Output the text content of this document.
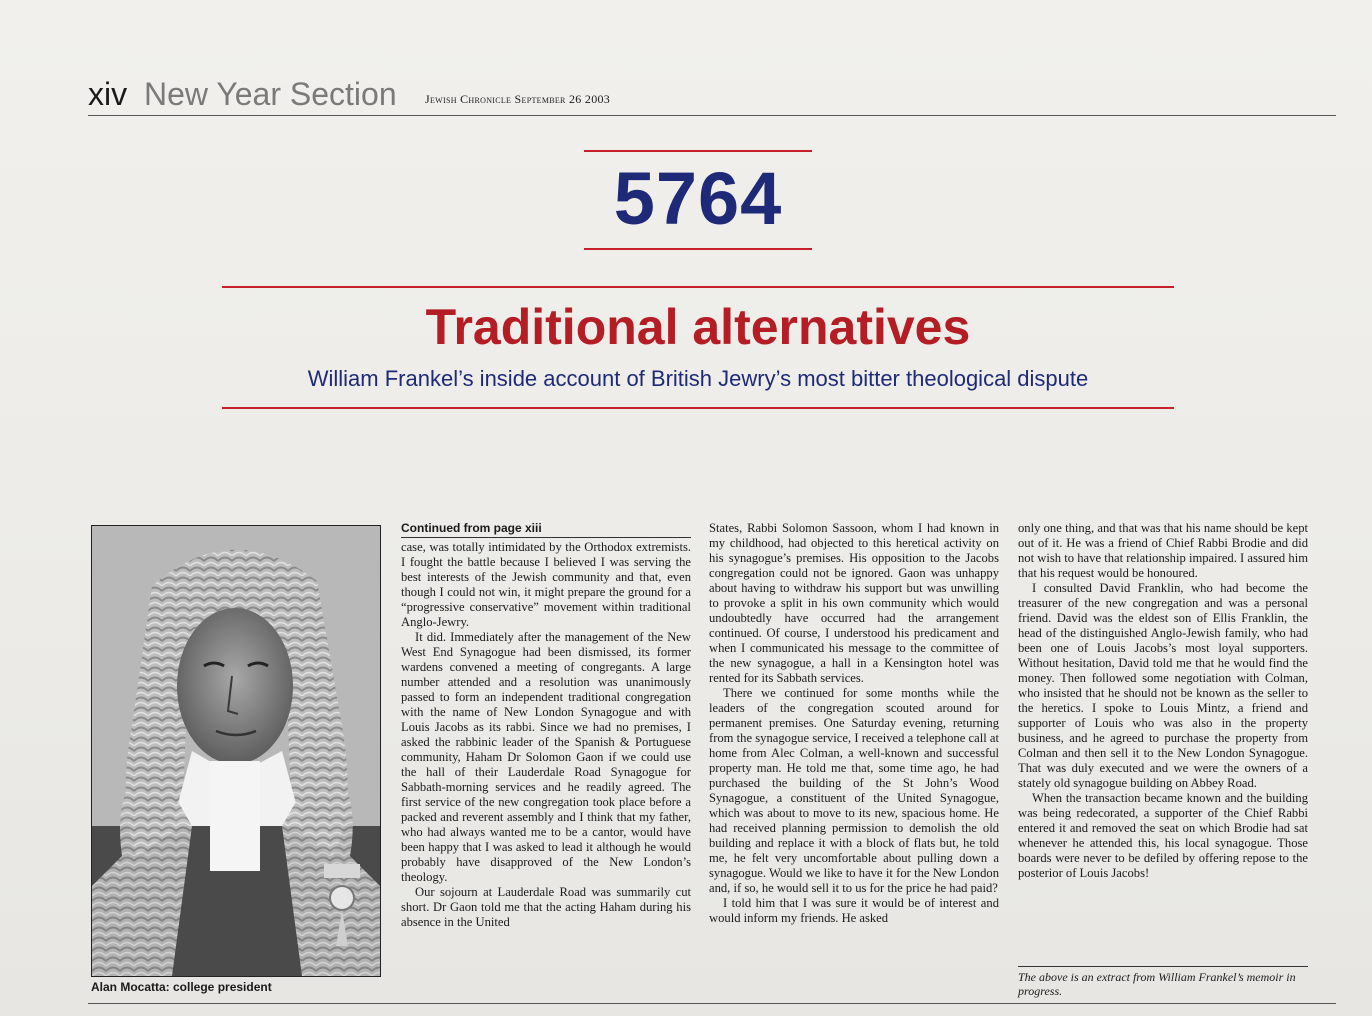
xiv New Year Section Jewish Chronicle September 26 2003
5764
Traditional alternatives
William Frankel’s inside account of British Jewry’s most bitter theological dispute
Alan Mocatta: college president
Continued from page xiii

case, was totally intimidated by the Orthodox extremists. I fought the battle because I believed I was serving the best interests of the Jewish community and that, even though I could not win, it might prepare the ground for a “progressive conservative” movement within traditional Anglo-Jewry.

It did. Immediately after the management of the New West End Synagogue had been dismissed, its former wardens convened a meeting of congregants. A large number attended and a resolution was unanimously passed to form an independent traditional congregation with the name of New London Synagogue and with Louis Jacobs as its rabbi. Since we had no premises, I asked the rabbinic leader of the Spanish & Portuguese community, Haham Dr Solomon Gaon if we could use the hall of their Lauderdale Road Synagogue for Sabbath-morning services and he readily agreed. The first service of the new congregation took place before a packed and reverent assembly and I think that my father, who had always wanted me to be a cantor, would have been happy that I was asked to lead it although he would probably have disapproved of the New London’s theology.

Our sojourn at Lauderdale Road was summarily cut short. Dr Gaon told me that the acting Haham during his absence in the United

States, Rabbi Solomon Sassoon, whom I had known in my childhood, had objected to this heretical activity on his synagogue’s premises. His opposition to the Jacobs congregation could not be ignored. Gaon was unhappy about having to withdraw his support but was unwilling to provoke a split in his own community which would undoubtedly have occurred had the arrangement continued. Of course, I understood his predicament and when I communicated his message to the committee of the new synagogue, a hall in a Kensington hotel was rented for its Sabbath services.

There we continued for some months while the leaders of the congregation scouted around for permanent premises. One Saturday evening, returning from the synagogue service, I received a telephone call at home from Alec Colman, a well-known and successful property man. He told me that, some time ago, he had purchased the building of the St John’s Wood Synagogue, a constituent of the United Synagogue, which was about to move to its new, spacious home. He had received planning permission to demolish the old building and replace it with a block of flats but, he told me, he felt very uncomfortable about pulling down a synagogue. Would we like to have it for the New London and, if so, he would sell it to us for the price he had paid?

I told him that I was sure it would be of interest and would inform my friends. He asked

only one thing, and that was that his name should be kept out of it. He was a friend of Chief Rabbi Brodie and did not wish to have that relationship impaired. I assured him that his request would be honoured.

I consulted David Franklin, who had become the treasurer of the new congregation and was a personal friend. David was the eldest son of Ellis Franklin, the head of the distinguished Anglo-Jewish family, who had been one of Louis Jacobs’s most loyal supporters. Without hesitation, David told me that he would find the money. Then followed some negotiation with Colman, who insisted that he should not be known as the seller to the heretics. I spoke to Louis Mintz, a friend and supporter of Louis who was also in the property business, and he agreed to purchase the property from Colman and then sell it to the New London Synagogue. That was duly executed and we were the owners of a stately old synagogue building on Abbey Road.

When the transaction became known and the building was being redecorated, a supporter of the Chief Rabbi entered it and removed the seat on which Brodie had sat whenever he attended this, his local synagogue. Those boards were never to be defiled by offering repose to the posterior of Louis Jacobs!

The above is an extract from William Frankel’s memoir in progress.
